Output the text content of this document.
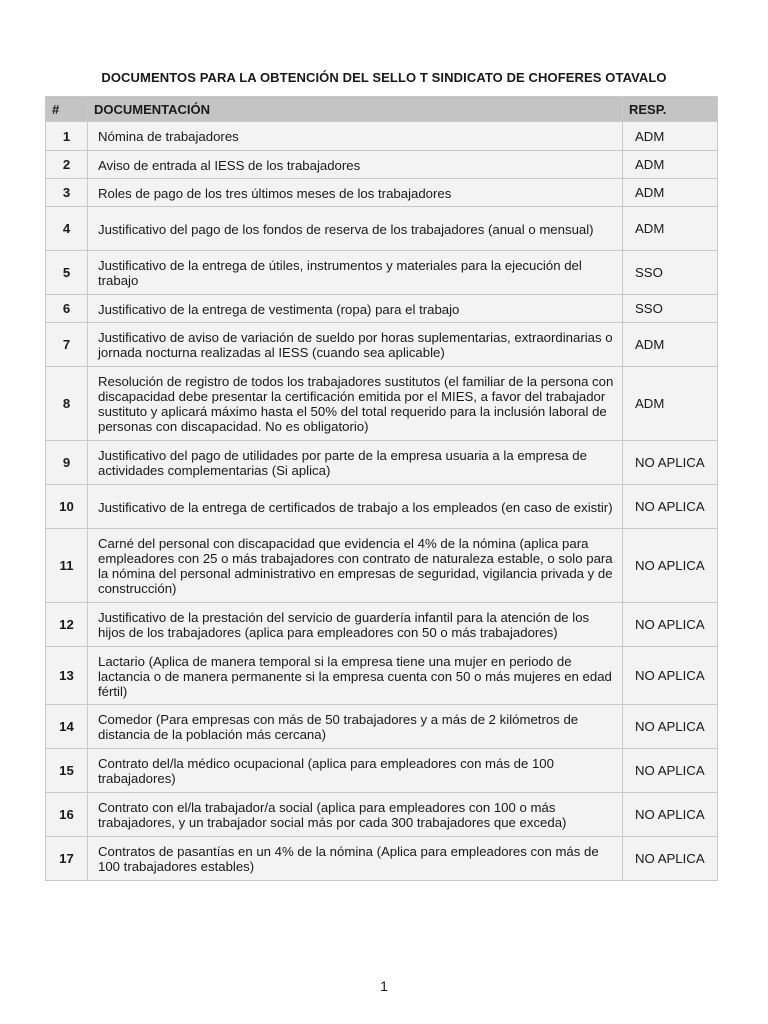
DOCUMENTOS PARA LA OBTENCIÓN DEL SELLO T SINDICATO DE CHOFERES OTAVALO
#	DOCUMENTACIÓN	RESP.
1	Nómina de trabajadores	ADM
2	Aviso de entrada al IESS de los trabajadores	ADM
3	Roles de pago de los tres últimos meses de los trabajadores	ADM
4	Justificativo del pago de los fondos de reserva de los trabajadores (anual o mensual)	ADM
5	Justificativo de la entrega de útiles, instrumentos y materiales para la ejecución del trabajo	SSO
6	Justificativo de la entrega de vestimenta (ropa) para el trabajo	SSO
7	Justificativo de aviso de variación de sueldo por horas suplementarias, extraordinarias o jornada nocturna realizadas al IESS (cuando sea aplicable)	ADM
8	Resolución de registro de todos los trabajadores sustitutos (el familiar de la persona con discapacidad debe presentar la certificación emitida por el MIES, a favor del trabajador sustituto y aplicará máximo hasta el 50% del total requerido para la inclusión laboral de personas con discapacidad. No es obligatorio)	ADM
9	Justificativo del pago de utilidades por parte de la empresa usuaria a la empresa de actividades complementarias (Si aplica)	NO APLICA
10	Justificativo de la entrega de certificados de trabajo a los empleados (en caso de existir)	NO APLICA
11	Carné del personal con discapacidad que evidencia el 4% de la nómina (aplica para empleadores con 25 o más trabajadores con contrato de naturaleza estable, o solo para la nómina del personal administrativo en empresas de seguridad, vigilancia privada y de construcción)	NO APLICA
12	Justificativo de la prestación del servicio de guardería infantil para la atención de los hijos de los trabajadores (aplica para empleadores con 50 o más trabajadores)	NO APLICA
13	Lactario (Aplica de manera temporal si la empresa tiene una mujer en periodo de lactancia o de manera permanente si la empresa cuenta con 50 o más mujeres en edad fértil)	NO APLICA
14	Comedor (Para empresas con más de 50 trabajadores y a más de 2 kilómetros de distancia de la población más cercana)	NO APLICA
15	Contrato del/la médico ocupacional (aplica para empleadores con más de 100 trabajadores)	NO APLICA
16	Contrato con el/la trabajador/a social (aplica para empleadores con 100 o más trabajadores, y un trabajador social más por cada 300 trabajadores que exceda)	NO APLICA
17	Contratos de pasantías en un 4% de la nómina (Aplica para empleadores con más de 100 trabajadores estables)	NO APLICA
1
